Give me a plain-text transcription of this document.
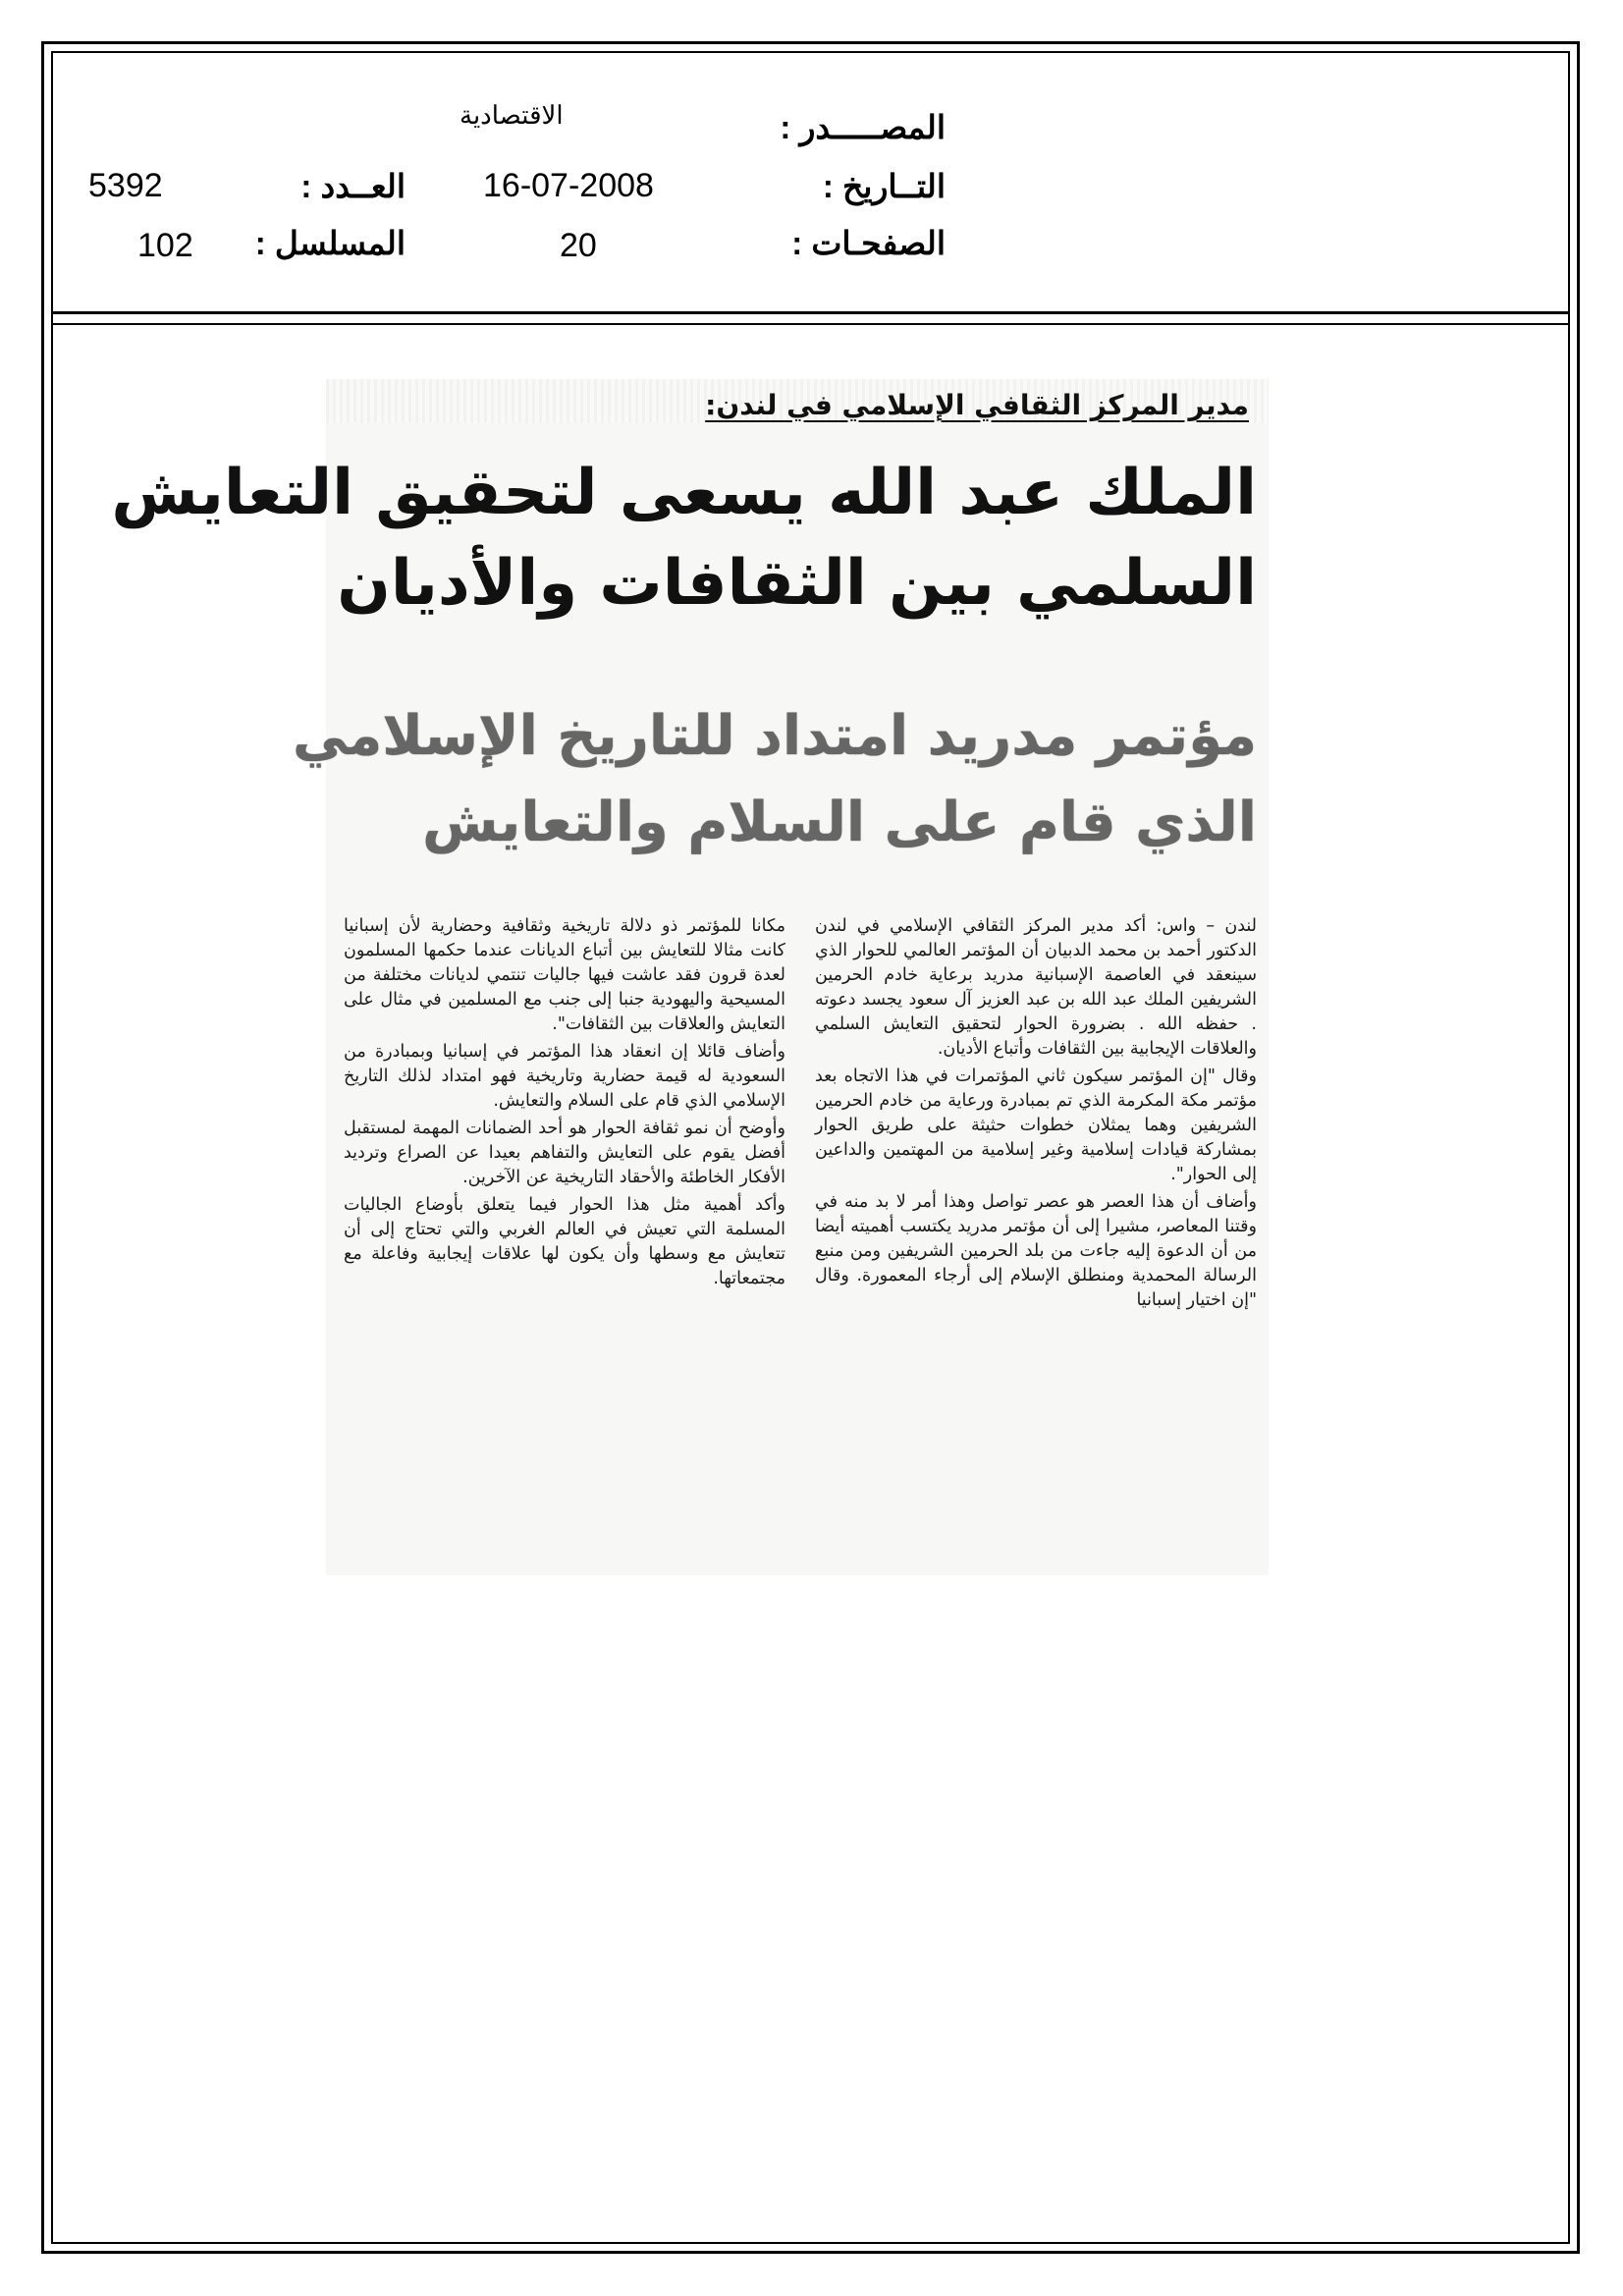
المصـــــدر :
التــاريخ :
الصفحـات :
الاقتصادية
16-07-2008
20
العــدد :
المسلسل :
5392
102
مدير المركز الثقافي الإسلامي في لندن:
الملك عبد الله يسعى لتحقيق التعايش
السلمي بين الثقافات والأديان
مؤتمر مدريد امتداد للتاريخ الإسلامي
الذي قام على السلام والتعايش

لندن – واس: أكد مدير المركز الثقافي الإسلامي في لندن الدكتور أحمد بن محمد الدبيان أن المؤتمر العالمي للحوار الذي سينعقد في العاصمة الإسبانية مدريد برعاية خادم الحرمين الشريفين الملك عبد الله بن عبد العزيز آل سعود يجسد دعوته . حفظه الله . بضرورة الحوار لتحقيق التعايش السلمي والعلاقات الإيجابية بين الثقافات وأتباع الأديان.

وقال "إن المؤتمر سيكون ثاني المؤتمرات في هذا الاتجاه بعد مؤتمر مكة المكرمة الذي تم بمبادرة ورعاية من خادم الحرمين الشريفين وهما يمثلان خطوات حثيثة على طريق الحوار بمشاركة قيادات إسلامية وغير إسلامية من المهتمين والداعين إلى الحوار".

وأضاف أن هذا العصر هو عصر تواصل وهذا أمر لا بد منه في وقتنا المعاصر، مشيرا إلى أن مؤتمر مدريد يكتسب أهميته أيضا من أن الدعوة إليه جاءت من بلد الحرمين الشريفين ومن منبع الرسالة المحمدية ومنطلق الإسلام إلى أرجاء المعمورة. وقال "إن اختيار إسبانيا

مكانا للمؤتمر ذو دلالة تاريخية وثقافية وحضارية لأن إسبانيا كانت مثالا للتعايش بين أتباع الديانات عندما حكمها المسلمون لعدة قرون فقد عاشت فيها جاليات تنتمي لديانات مختلفة من المسيحية واليهودية جنبا إلى جنب مع المسلمين في مثال على التعايش والعلاقات بين الثقافات".

وأضاف قائلا إن انعقاد هذا المؤتمر في إسبانيا وبمبادرة من السعودية له قيمة حضارية وتاريخية فهو امتداد لذلك التاريخ الإسلامي الذي قام على السلام والتعايش.

وأوضح أن نمو ثقافة الحوار هو أحد الضمانات المهمة لمستقبل أفضل يقوم على التعايش والتفاهم بعيدا عن الصراع وترديد الأفكار الخاطئة والأحقاد التاريخية عن الآخرين.

وأكد أهمية مثل هذا الحوار فيما يتعلق بأوضاع الجاليات المسلمة التي تعيش في العالم الغربي والتي تحتاج إلى أن تتعايش مع وسطها وأن يكون لها علاقات إيجابية وفاعلة مع مجتمعاتها.
